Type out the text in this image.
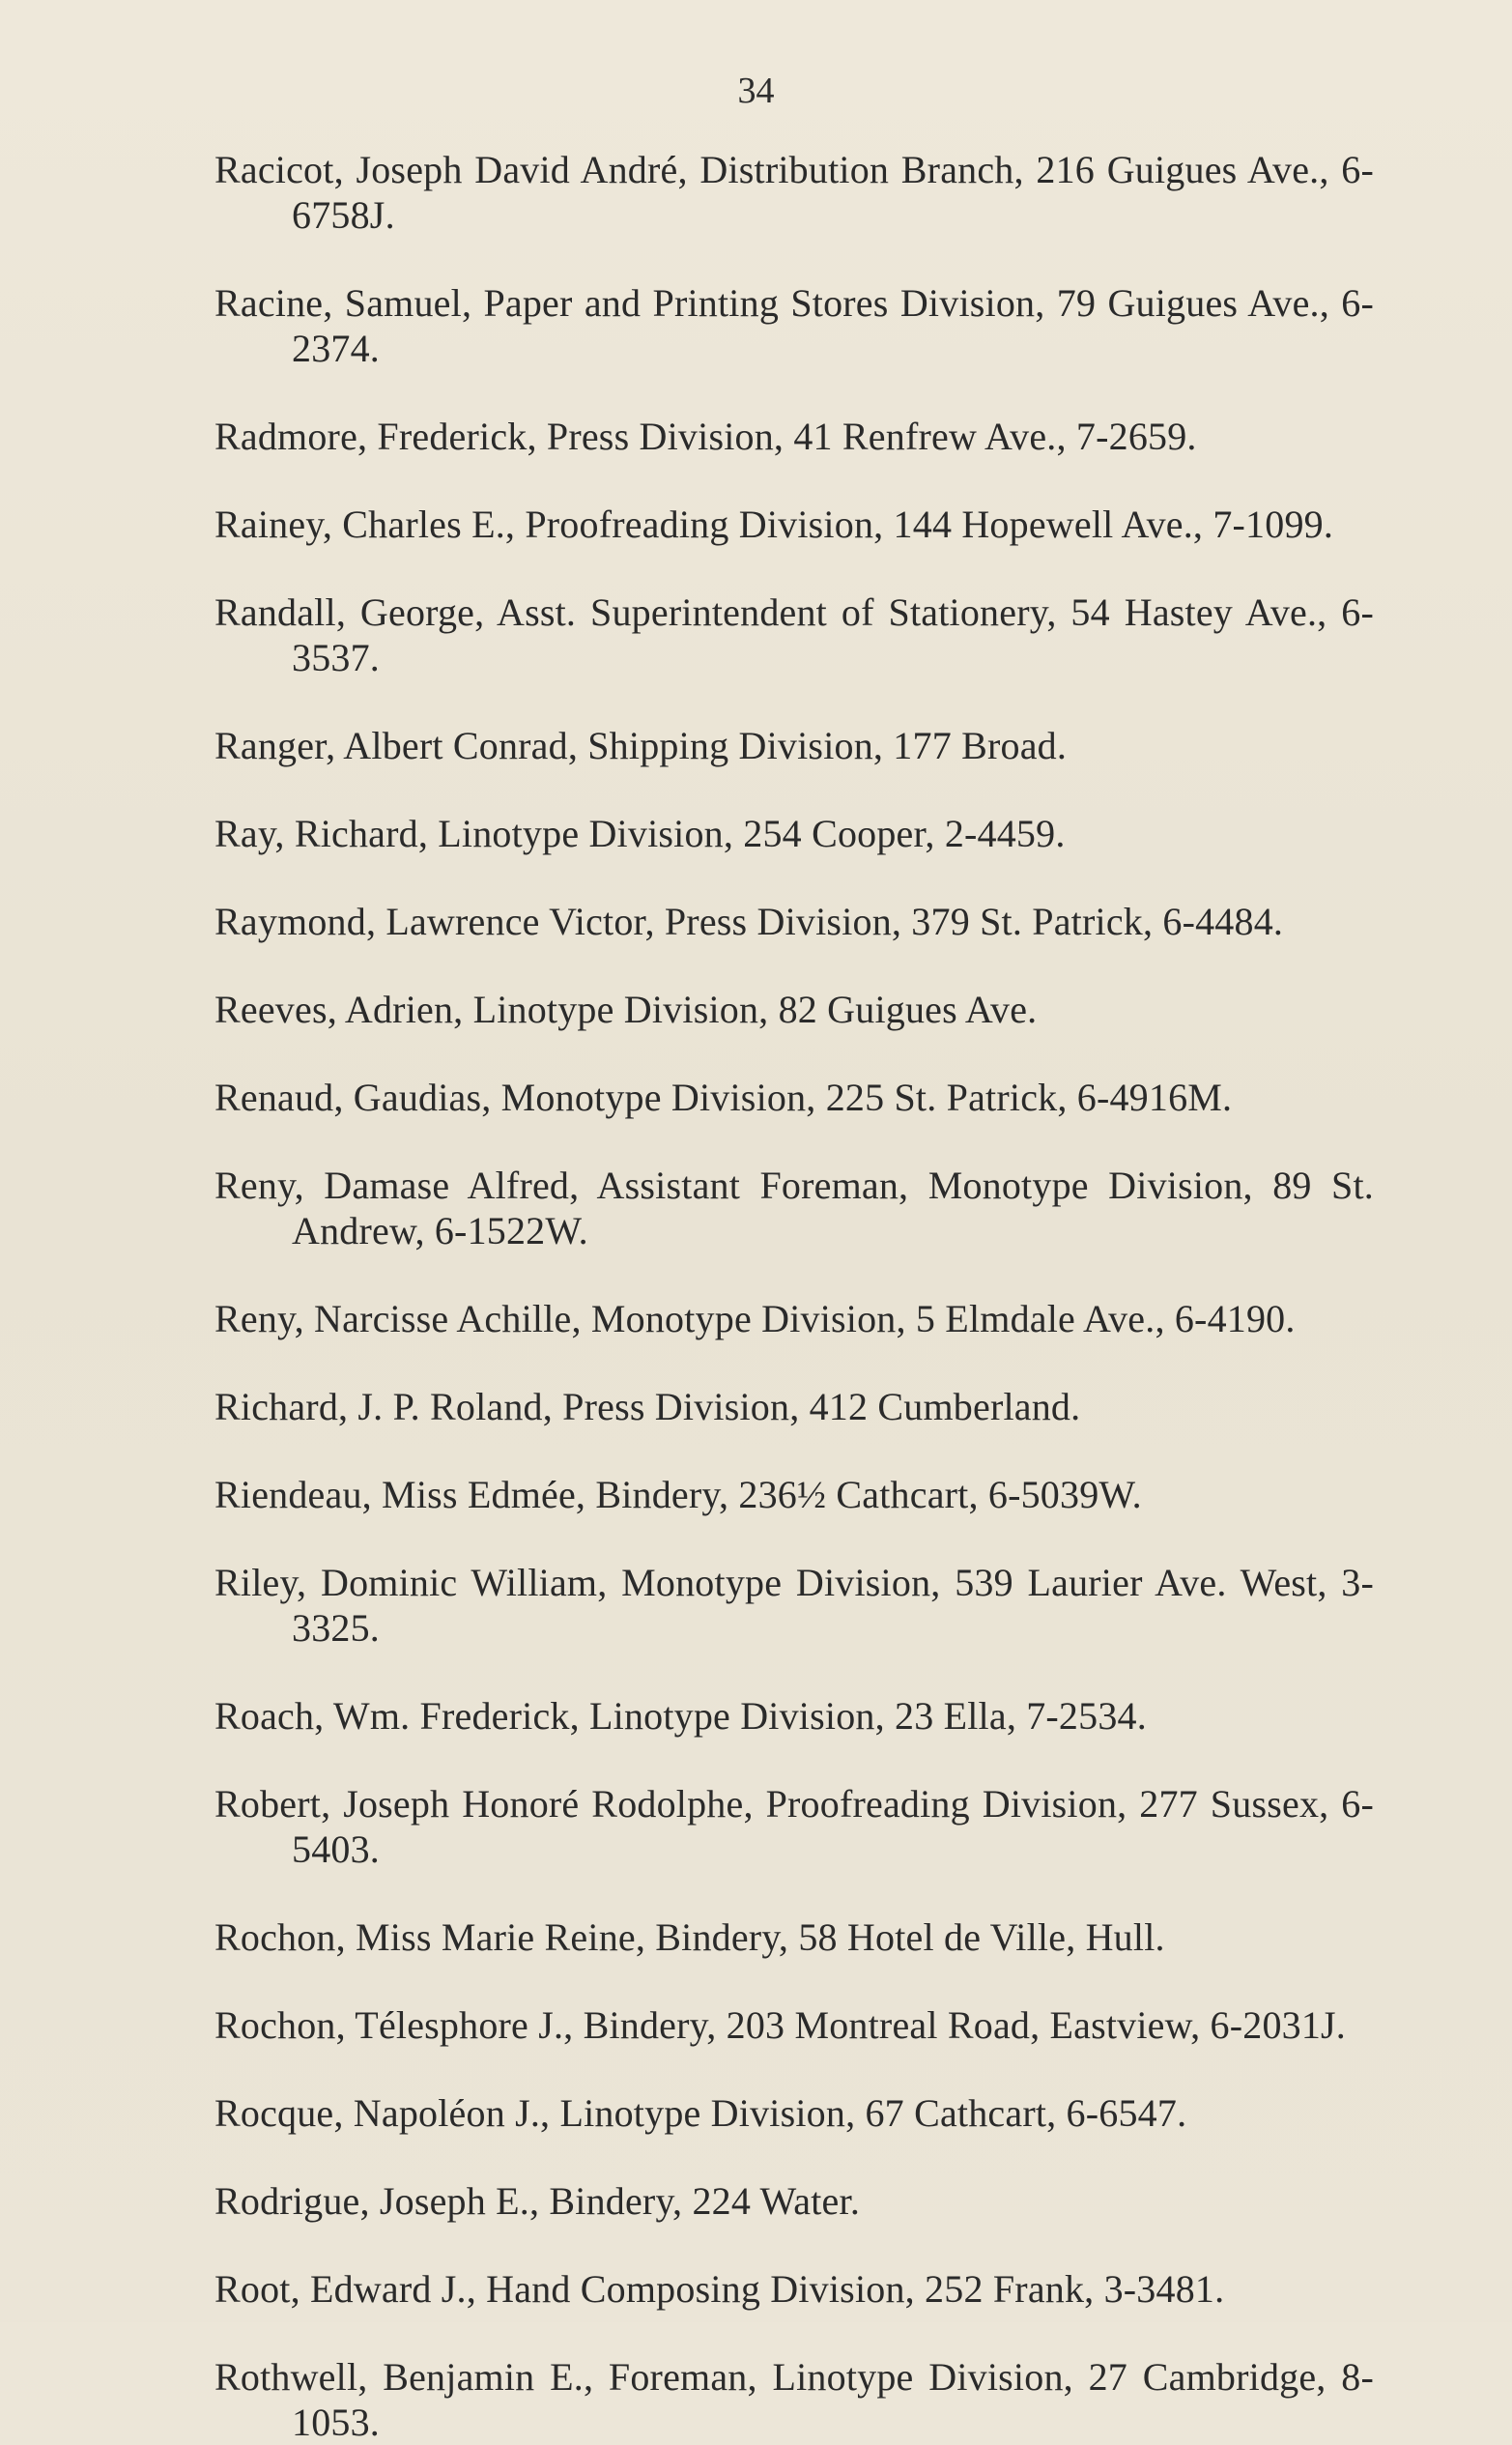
34

Racicot, Joseph David André, Distribution Branch, 216 Guigues Ave., 6-6758J.

Racine, Samuel, Paper and Printing Stores Division, 79 Guigues Ave., 6-2374.

Radmore, Frederick, Press Division, 41 Renfrew Ave., 7-2659.

Rainey, Charles E., Proofreading Division, 144 Hopewell Ave., 7-1099.

Randall, George, Asst. Superintendent of Stationery, 54 Hastey Ave., 6-3537.

Ranger, Albert Conrad, Shipping Division, 177 Broad.

Ray, Richard, Linotype Division, 254 Cooper, 2-4459.

Raymond, Lawrence Victor, Press Division, 379 St. Patrick, 6-4484.

Reeves, Adrien, Linotype Division, 82 Guigues Ave.

Renaud, Gaudias, Monotype Division, 225 St. Patrick, 6-4916M.

Reny, Damase Alfred, Assistant Foreman, Monotype Division, 89 St. Andrew, 6-1522W.

Reny, Narcisse Achille, Monotype Division, 5 Elmdale Ave., 6-4190.

Richard, J. P. Roland, Press Division, 412 Cumberland.

Riendeau, Miss Edmée, Bindery, 236½ Cathcart, 6-5039W.

Riley, Dominic William, Monotype Division, 539 Laurier Ave. West, 3-3325.

Roach, Wm. Frederick, Linotype Division, 23 Ella, 7-2534.

Robert, Joseph Honoré Rodolphe, Proofreading Division, 277 Sussex, 6-5403.

Rochon, Miss Marie Reine, Bindery, 58 Hotel de Ville, Hull.

Rochon, Télesphore J., Bindery, 203 Montreal Road, Eastview, 6-2031J.

Rocque, Napoléon J., Linotype Division, 67 Cathcart, 6-6547.

Rodrigue, Joseph E., Bindery, 224 Water.

Root, Edward J., Hand Composing Division, 252 Frank, 3-3481.

Rothwell, Benjamin E., Foreman, Linotype Division, 27 Cambridge, 8-1053.
